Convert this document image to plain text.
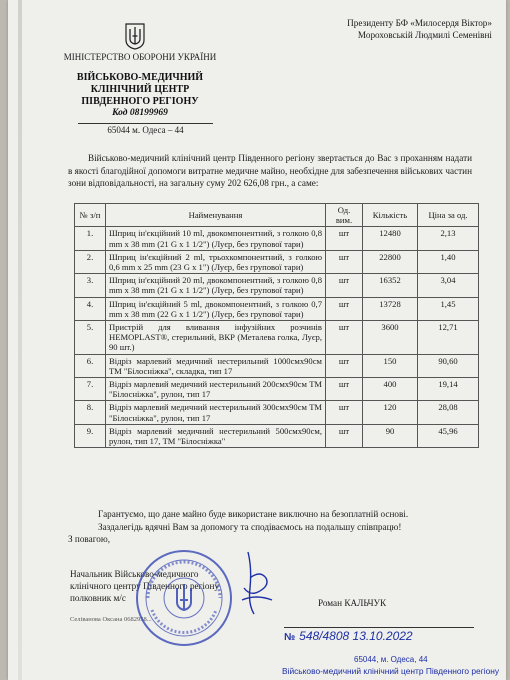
Президенту БФ «Милосердя Віктор»
Мороховській Людмилі Семенівні
МІНІСТЕРСТВО ОБОРОНИ УКРАЇНИ
ВІЙСЬКОВО-МЕДИЧНИЙ
КЛІНІЧНИЙ ЦЕНТР
ПІВДЕННОГО РЕГІОНУ
Код 08199969
65044 м. Одеса – 44
Військово-медичний клінічний центр Південного регіону звертається до Вас з проханням надати в якості благодійної допомоги витратне медичне майно, необхідне для забезпечення військових частин зони відповідальності, на загальну суму 202 626,08 грн., а саме:
№ з/п	Найменування	Од. вим.	Кількість	Ціна за од.
1.	Шприц ін'єкційний 10 ml, двокомпонентний, з голкою 0,8 mm x 38 mm (21 G x 1 1/2") (Луєр, без групової тари)	шт	12480	2,13
2.	Шприц ін'єкційний 2 ml, трьохкомпонентний, з голкою 0,6 mm x 25 mm (23 G x 1") (Луєр, без групової тари)	шт	22800	1,40
3.	Шприц ін'єкційний 20 ml, двокомпонентний, з голкою 0,8 mm x 38 mm (21 G x 1 1/2") (Луєр, без групової тари)	шт	16352	3,04
4.	Шприц ін'єкційний 5 ml, двокомпонентний, з голкою 0,7 mm x 38 mm (22 G x 1 1/2") (Луєр, без групової тари)	шт	13728	1,45
5.	Пристрій для вливання інфузійних розчинів HEMOPLAST®, стерильний, ВКР (Металева голка, Луєр, 90 шт.)	шт	3600	12,71
6.	Відріз марлевий медичний нестерильний 1000смх90см ТМ "Білосніжка", складка, тип 17	шт	150	90,60
7.	Відріз марлевий медичний нестерильний 200смх90см ТМ "Білосніжка", рулон, тип 17	шт	400	19,14
8.	Відріз марлевий медичний нестерильний 300смх90см ТМ "Білосніжка", рулон, тип 17	шт	120	28,08
9.	Відріз марлевий медичний нестерильний 500смх90см, рулон, тип 17, ТМ "Білосніжка"	шт	90	45,96

Гарантуємо, що дане майно буде використане виключно на безоплатній основі.

Заздалегідь вдячні Вам за допомогу та сподіваємось на подальшу співпрацю!

З повагою,

Начальник Військово-медичного
клінічного центру Південного регіону
полковник м/с	Роман КАЛЬЧУК
Селіванова Оксана 0682958...
№ 548/4808 13.10.2022
65044, м. Одеса, 44
Військово-медичний клінічний центр Південного регіону
